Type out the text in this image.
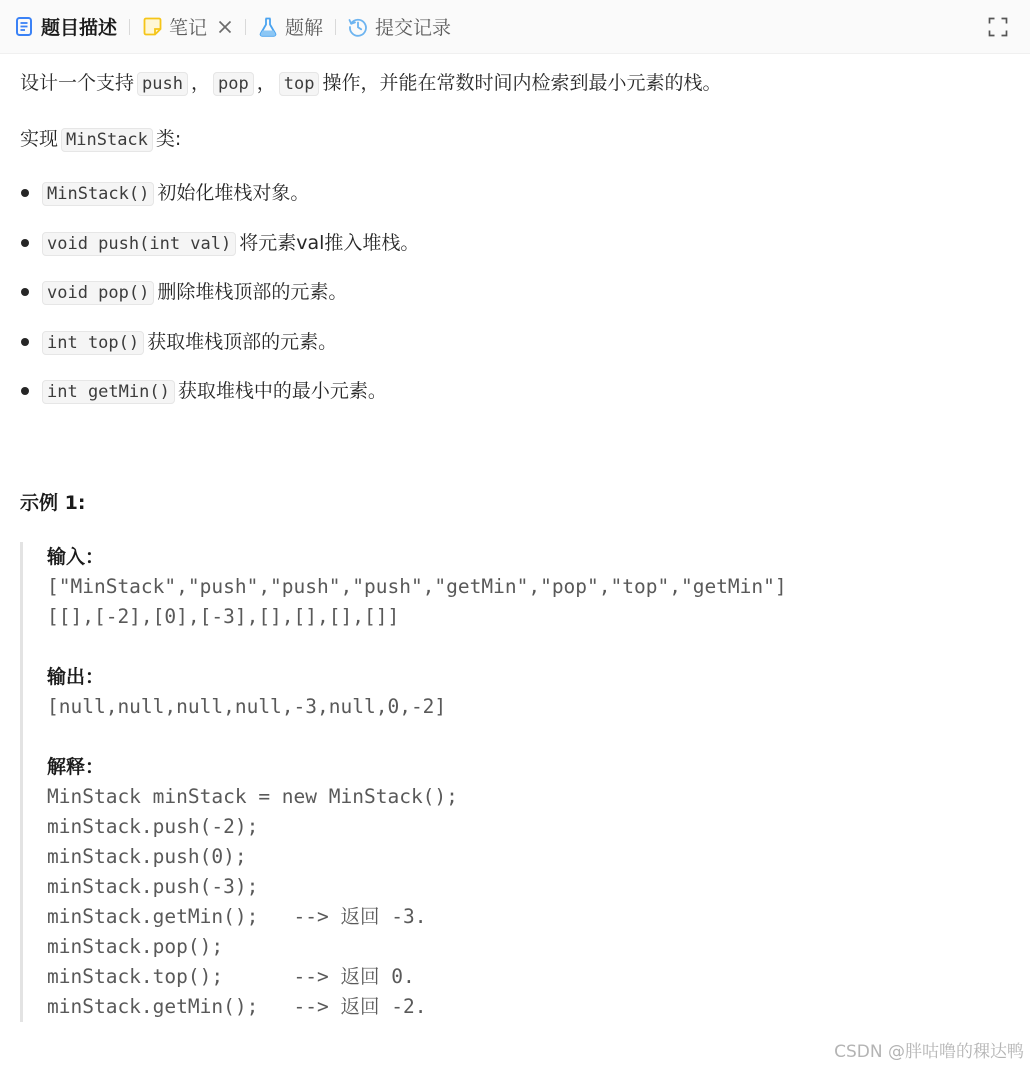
题目描述	笔记	题解	提交记录
设计一个支持 push ， pop ， top 操作，并能在常数时间内检索到最小元素的栈。
实现 MinStack 类:
MinStack() 初始化堆栈对象。
void push(int val) 将元素val推入堆栈。
void pop() 删除堆栈顶部的元素。
int top() 获取堆栈顶部的元素。
int getMin() 获取堆栈中的最小元素。
示例 1:
输入：
["MinStack","push","push","push","getMin","pop","top","getMin"]
[[],[-2],[0],[-3],[],[],[],[]]
输出：
[null,null,null,null,-3,null,0,-2]
解释：
MinStack minStack = new MinStack();
minStack.push(-2);
minStack.push(0);
minStack.push(-3);
minStack.getMin();   --> 返回 -3.
minStack.pop();
minStack.top();      --> 返回 0.
minStack.getMin();   --> 返回 -2.
CSDN @胖咕噜的稞达鸭
